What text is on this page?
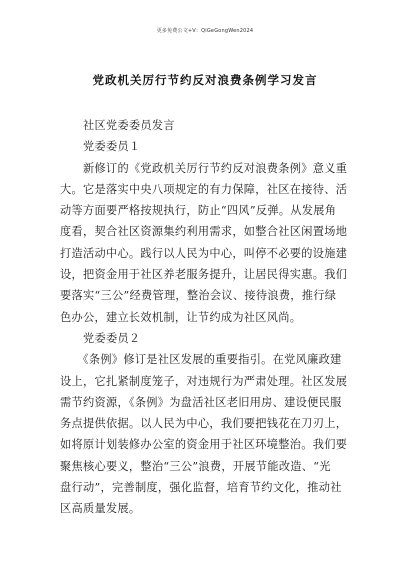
更多免费公文+V：QiGeGongWen2024
党政机关厉行节约反对浪费条例学习发言
　　社区党委委员发言
　　党委委员１
　　新修订的《党政机关厉行节约反对浪费条例》意义重
大。它是落实中央八项规定的有力保障，社区在接待、活
动等方面要严格按规执行，防止“四风”反弹。从发展角
度看，契合社区资源集约利用需求，如整合社区闲置场地
打造活动中心。践行以人民为中心，叫停不必要的设施建
设，把资金用于社区养老服务提升，让居民得实惠。我们
要落实“三公”经费管理，整治会议、接待浪费，推行绿
色办公，建立长效机制，让节约成为社区风尚。
　　党委委员２
　　《条例》修订是社区发展的重要指引。在党风廉政建
设上，它扎紧制度笼子，对违规行为严肃处理。社区发展
需节约资源，《条例》为盘活社区老旧用房、建设便民服
务点提供依据。以人民为中心，我们要把钱花在刀刃上，
如将原计划装修办公室的资金用于社区环境整治。我们要
聚焦核心要义，整治“三公”浪费，开展节能改造、“光
盘行动”，完善制度，强化监督，培育节约文化，推动社
区高质量发展。
